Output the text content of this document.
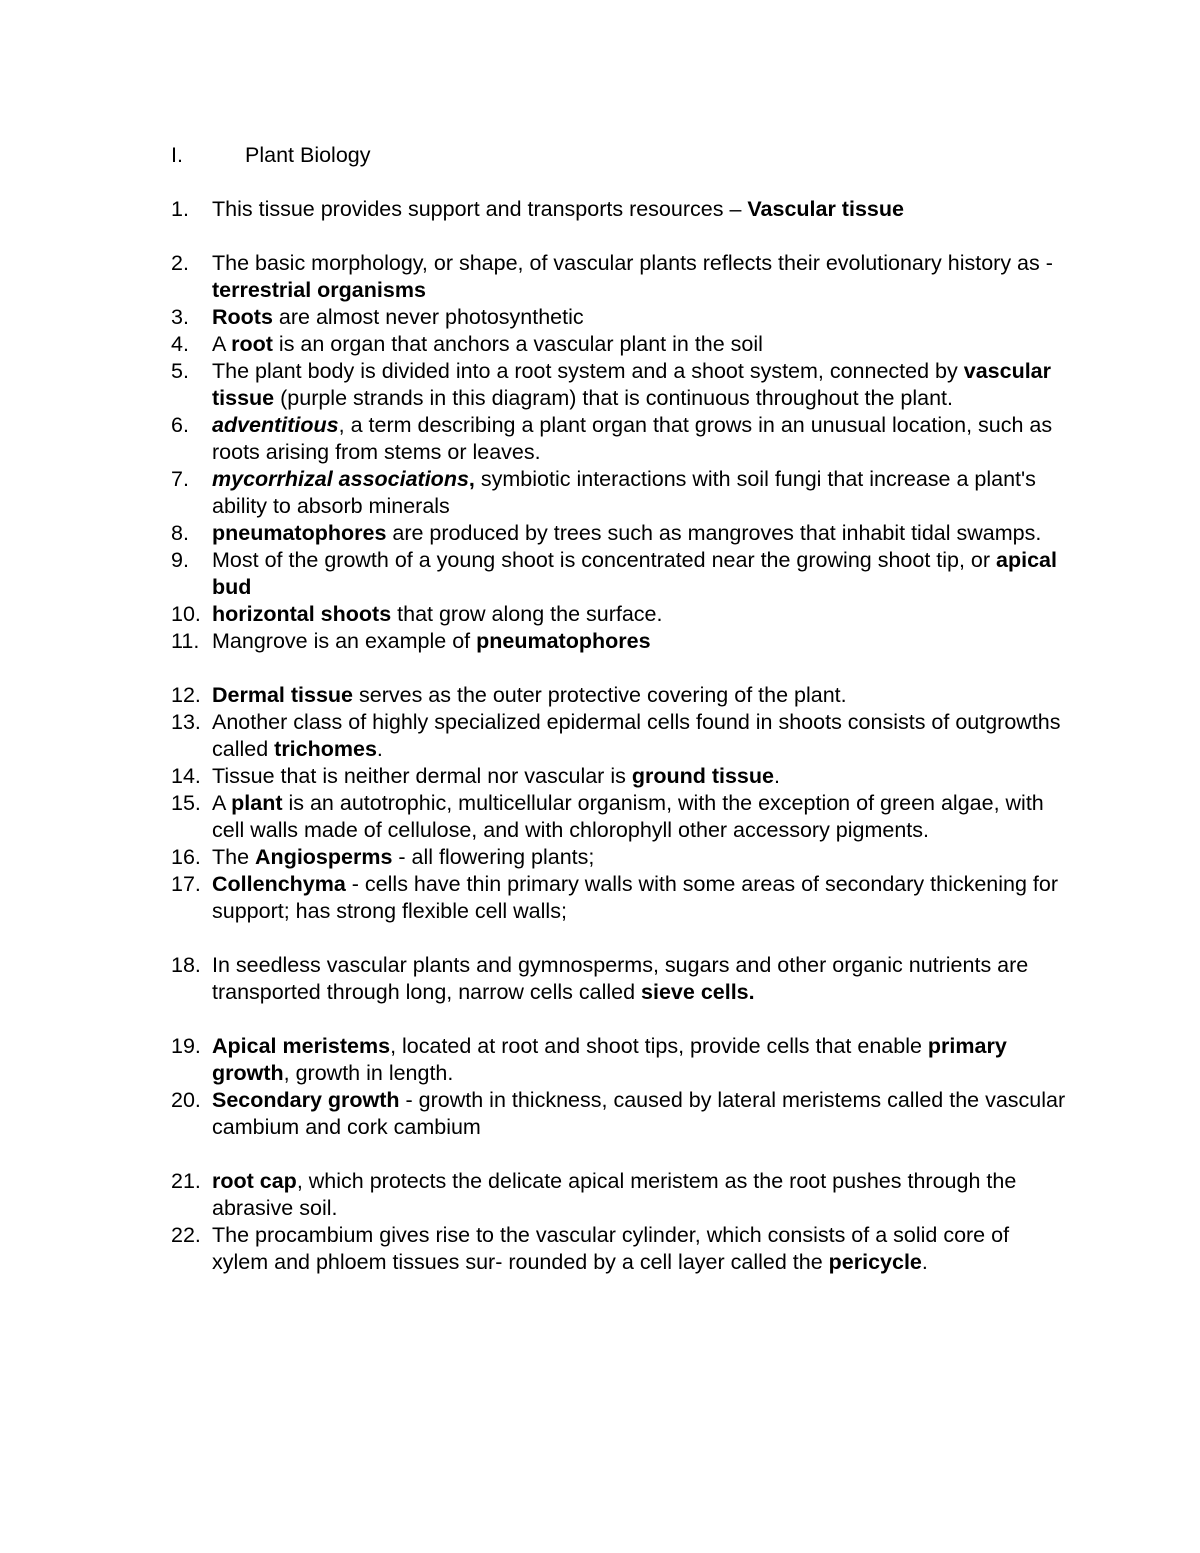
I.	Plant Biology
1. This tissue provides support and transports resources – Vascular tissue
2. The basic morphology, or shape, of vascular plants reflects their evolutionary history as - terrestrial organisms
3. Roots are almost never photosynthetic
4. A root is an organ that anchors a vascular plant in the soil
5. The plant body is divided into a root system and a shoot system, connected by vascular tissue (purple strands in this diagram) that is continuous throughout the plant.
6. adventitious, a term describing a plant organ that grows in an unusual location, such as roots arising from stems or leaves.
7. mycorrhizal associations, symbiotic interactions with soil fungi that increase a plant's ability to absorb minerals
8. pneumatophores are produced by trees such as mangroves that inhabit tidal swamps.
9. Most of the growth of a young shoot is concentrated near the growing shoot tip, or apical bud
10. horizontal shoots that grow along the surface.
11. Mangrove is an example of pneumatophores
12. Dermal tissue serves as the outer protective covering of the plant.
13. Another class of highly specialized epidermal cells found in shoots consists of outgrowths called trichomes.
14. Tissue that is neither dermal nor vascular is ground tissue.
15. A plant is an autotrophic, multicellular organism, with the exception of green algae, with cell walls made of cellulose, and with chlorophyll other accessory pigments.
16. The Angiosperms - all flowering plants;
17. Collenchyma - cells have thin primary walls with some areas of secondary thickening for support; has strong flexible cell walls;
18. In seedless vascular plants and gymnosperms, sugars and other organic nutrients are transported through long, narrow cells called sieve cells.
19. Apical meristems, located at root and shoot tips, provide cells that enable primary growth, growth in length.
20. Secondary growth - growth in thickness, caused by lateral meristems called the vascular cambium and cork cambium
21. root cap, which protects the delicate apical meristem as the root pushes through the abrasive soil.
22. The procambium gives rise to the vascular cylinder, which consists of a solid core of xylem and phloem tissues sur- rounded by a cell layer called the pericycle.
